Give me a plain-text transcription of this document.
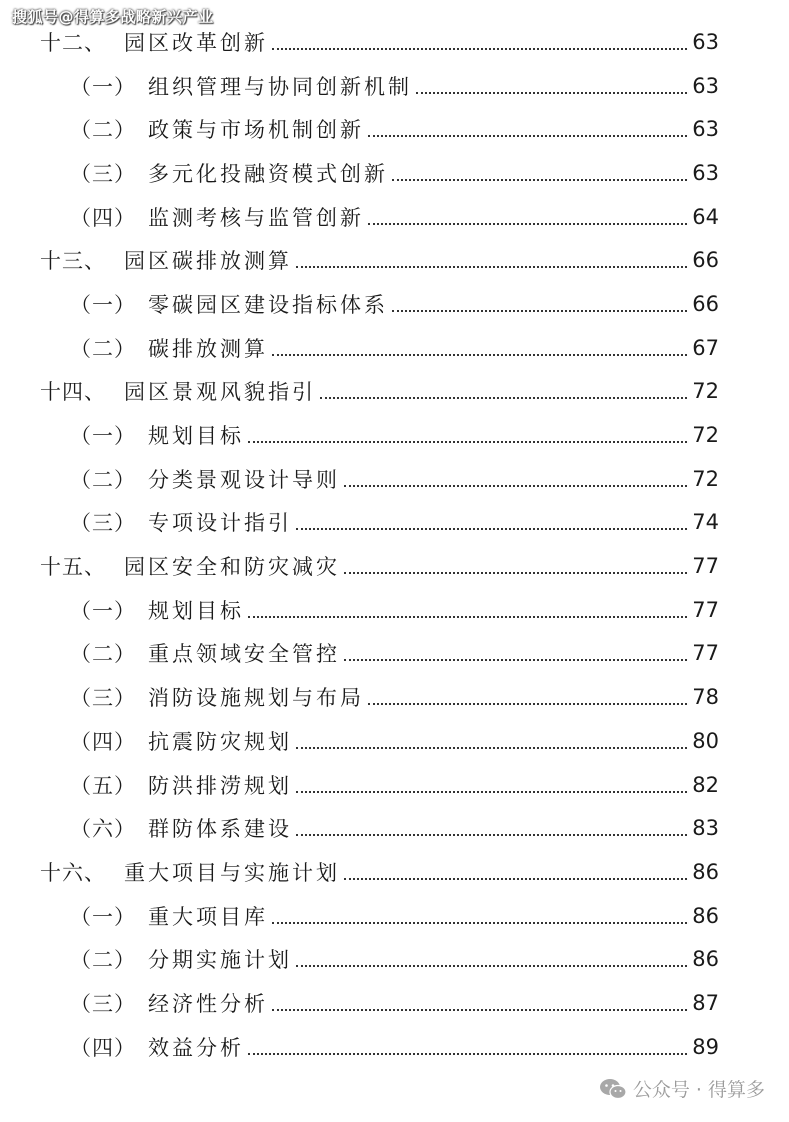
搜狐号@得算多战略新兴产业
十二、 园区改革创新	63
（一） 组织管理与协同创新机制	63
（二） 政策与市场机制创新	63
（三） 多元化投融资模式创新	63
（四） 监测考核与监管创新	64
十三、 园区碳排放测算	66
（一） 零碳园区建设指标体系	66
（二） 碳排放测算	67
十四、 园区景观风貌指引	72
（一） 规划目标	72
（二） 分类景观设计导则	72
（三） 专项设计指引	74
十五、 园区安全和防灾减灾	77
（一） 规划目标	77
（二） 重点领域安全管控	77
（三） 消防设施规划与布局	78
（四） 抗震防灾规划	80
（五） 防洪排涝规划	82
（六） 群防体系建设	83
十六、 重大项目与实施计划	86
（一） 重大项目库	86
（二） 分期实施计划	86
（三） 经济性分析	87
（四） 效益分析	89
公众号 · 得算多
